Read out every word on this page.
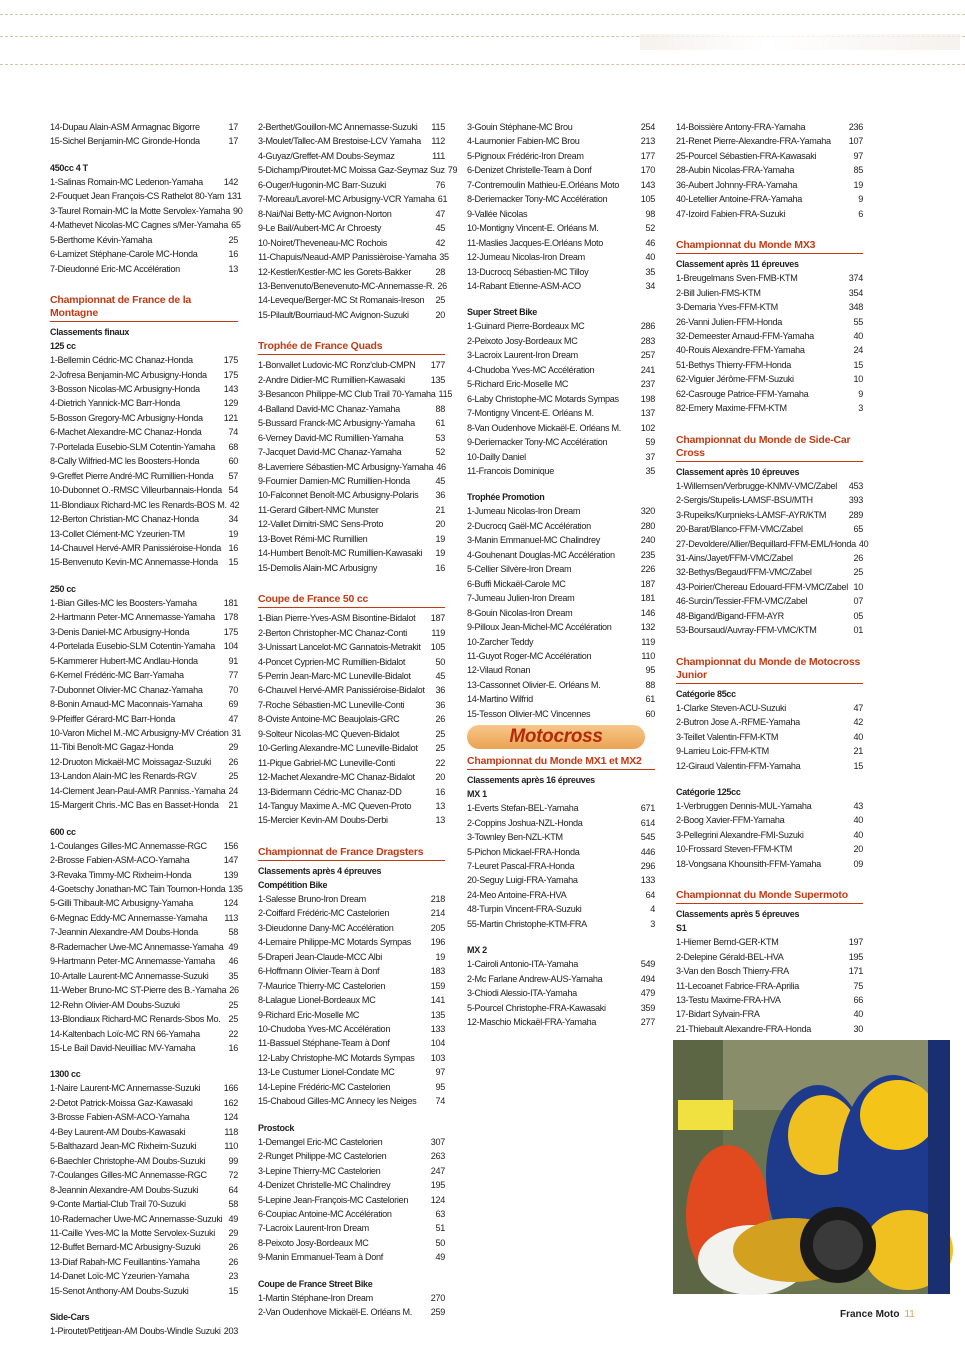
14-Dupau Alain-ASM Armagnac Bigorre	17
15-Sichel Benjamin-MC Gironde-Honda	17
450cc 4 T
1-Salinas Romain-MC Ledenon-Yamaha	142
2-Fouquet Jean François-CS Rathelot 80-Yam 131
3-Taurel Romain-MC la Motte Servolex-Yamaha 90
4-Mathevet Nicolas-MC Cagnes s/Mer-Yamaha 65
5-Berthome Kévin-Yamaha	25
6-Lamizet Stéphane-Carole MC-Honda	16
7-Dieudonné Eric-MC Accélération	13
Championnat de France de la Montagne
Classements finaux
125 cc
1-Bellemin Cédric-MC Chanaz-Honda	175
2-Jofresa Benjamin-MC Arbusigny-Honda	175
3-Bosson Nicolas-MC Arbusigny-Honda	143
4-Dietrich Yannick-MC Barr-Honda	129
5-Bosson Gregory-MC Arbusigny-Honda	121
6-Machet Alexandre-MC Chanaz-Honda	74
7-Portelada Eusebio-SLM Cotentin-Yamaha	68
8-Cally Wilfried-MC les Boosters-Honda	60
9-Greffet Pierre André-MC Rumillien-Honda	57
10-Dubonnet O.-RMSC Villeurbannais-Honda 54
11-Blondiaux Richard-MC les Renards-BOS M. 42
12-Berton Christian-MC Chanaz-Honda	34
13-Collet Clément-MC Yzeurien-TM	19
14-Chauvel Hervé-AMR Panissiéroise-Honda 16
15-Benvenuto Kevin-MC Annemasse-Honda	15
250 cc
1-Bian Gilles-MC les Boosters-Yamaha	181
2-Hartmann Peter-MC Annemasse-Yamaha 178
3-Denis Daniel-MC Arbusigny-Honda	175
4-Portelada Eusebio-SLM Cotentin-Yamaha 104
5-Kammerer Hubert-MC Andlau-Honda	91
6-Kernel Frédéric-MC Barr-Yamaha	77
7-Dubonnet Olivier-MC Chanaz-Yamaha	70
8-Bonin Arnaud-MC Maconnais-Yamaha	69
9-Pfeiffer Gérard-MC Barr-Honda	47
10-Varon Michel M.-MC Arbusigny-MV Création 31
11-Tibi Benoît-MC Gagaz-Honda	29
12-Druoton Mickaël-MC Moissagaz-Suzuki	26
13-Landon Alain-MC les Renards-RGV	25
14-Clement Jean-Paul-AMR Panniss.-Yamaha 24
15-Margerit Chris.-MC Bas en Basset-Honda	21
600 cc
1-Coulanges Gilles-MC Annemasse-RGC	156
2-Brosse Fabien-ASM-ACO-Yamaha	147
3-Revaka Timmy-MC Rixheim-Honda	139
4-Goetschy Jonathan-MC Tain Tournon-Honda 135
5-Gilli Thibault-MC Arbusigny-Yamaha	124
6-Megnac Eddy-MC Annemasse-Yamaha	113
7-Jeannin Alexandre-AM Doubs-Honda	58
8-Rademacher Uwe-MC Annemasse-Yamaha 49
9-Hartmann Peter-MC Annemasse-Yamaha	46
10-Artalle Laurent-MC Annemasse-Suzuki	35
11-Weber Bruno-MC ST-Pierre des B.-Yamaha 26
12-Rehn Olivier-AM Doubs-Suzuki	25
13-Blondiaux Richard-MC Renards-Sbos Mo. 25
14-Kaltenbach Loïc-MC RN 66-Yamaha	22
15-Le Bail David-Neuilliac MV-Yamaha	16
1300 cc
1-Naire Laurent-MC Annemasse-Suzuki	166
2-Detot Patrick-Moissa Gaz-Kawasaki	162
3-Brosse Fabien-ASM-ACO-Yamaha	124
4-Bey Laurent-AM Doubs-Kawasaki	118
5-Balthazard Jean-MC Rixheim-Suzuki	110
6-Baechler Christophe-AM Doubs-Suzuki	99
7-Coulanges Gilles-MC Annemasse-RGC	72
8-Jeannin Alexandre-AM Doubs-Suzuki	64
9-Conte Martial-Club Trail 70-Suzuki	58
10-Rademacher Uwe-MC Annemasse-Suzuki 49
11-Caille Yves-MC la Motte Servolex-Suzuki	29
12-Buffet Bernard-MC Arbusigny-Suzuki	26
13-Diaf Rabah-MC Feuillantins-Yamaha	26
14-Danet Loïc-MC Yzeurien-Yamaha	23
15-Senot Anthony-AM Doubs-Suzuki	15
Side-Cars
1-Piroutet/Petitjean-AM Doubs-Windle Suzuki 203
2-Berthet/Gouillon-MC Annemasse-Suzuki	115
3-Moulet/Tallec-AM Brestoise-LCV Yamaha	112
4-Guyaz/Greffet-AM Doubs-Seymaz	111
5-Dichamp/Piroutet-MC Moissa Gaz-Seymaz Suz 79
6-Ouger/Hugonin-MC Barr-Suzuki	76
7-Moreau/Lavorel-MC Arbusigny-VCR Yamaha 61
8-Nai/Nai Betty-MC Avignon-Norton	47
9-Le Bail/Aubert-MC Ar Chroesty	45
10-Noiret/Theveneau-MC Rochois	42
11-Chapuis/Neaud-AMP Panissièroise-Yamaha 35
12-Kestler/Kestler-MC les Gorets-Bakker	28
13-Benvenuto/Benevenuto-MC-Annemasse-R. 26
14-Leveque/Berger-MC St Romanais-Ireson	25
15-Pilault/Bourriaud-MC Avignon-Suzuki	20
Trophée de France Quads
1-Bonvallet Ludovic-MC Ronz'club-CMPN	177
2-Andre Didier-MC Rumillien-Kawasaki	135
3-Besancon Philippe-MC Club Trail 70-Yamaha 115
4-Balland David-MC Chanaz-Yamaha	88
5-Bussard Franck-MC Arbusigny-Yamaha	61
6-Verney David-MC Rumillien-Yamaha	53
7-Jacquet David-MC Chanaz-Yamaha	52
8-Laverriere Sébastien-MC Arbusigny-Yamaha 46
9-Fournier Damien-MC Rumillien-Honda	45
10-Falconnet Benoît-MC Arbusigny-Polaris	36
11-Gerard Gilbert-NMC Munster	21
12-Vallet Dimitri-SMC Sens-Proto	20
13-Bovet Rémi-MC Rumillien	19
14-Humbert Benoît-MC Rumillien-Kawasaki	19
15-Demolis Alain-MC Arbusigny	16
Coupe de France 50 cc
1-Bian Pierre-Yves-ASM Bisontine-Bidalot	187
2-Berton Christopher-MC Chanaz-Conti	119
3-Unissart Lancelot-MC Gannatois-Metrakit	105
4-Poncet Cyprien-MC Rumillien-Bidalot	50
5-Perrin Jean-Marc-MC Luneville-Bidalot	45
6-Chauvel Hervé-AMR Panissiéroise-Bidalot	36
7-Roche Sébastien-MC Luneville-Conti	36
8-Oviste Antoine-MC Beaujolais-GRC	26
9-Solteur Nicolas-MC Queven-Bidalot	25
10-Gerling Alexandre-MC Luneville-Bidalot	25
11-Pique Gabriel-MC Luneville-Conti	22
12-Machet Alexandre-MC Chanaz-Bidalot	20
13-Bidermann Cédric-MC Chanaz-DD	16
14-Tanguy Maxime A.-MC Queven-Proto	13
15-Mercier Kevin-AM Doubs-Derbi	13
Championnat de France Dragsters
Classements après 4 épreuves
Compétition Bike
1-Salesse Bruno-Iron Dream	218
2-Coiffard Frédéric-MC Castelorien	214
3-Dieudonne Dany-MC Accélération	205
4-Lemaire Philippe-MC Motards Sympas	196
5-Draperi Jean-Claude-MCC Albi	19
6-Hoffmann Olivier-Team à Donf	183
7-Maurice Thierry-MC Castelorien	159
8-Lalague Lionel-Bordeaux MC	141
9-Richard Eric-Moselle MC	135
10-Chudoba Yves-MC Accélération	133
11-Bassuel Stéphane-Team à Donf	104
12-Laby Christophe-MC Motards Sympas	103
13-Le Custumer Lionel-Condate MC	97
14-Lepine Frédéric-MC Castelorien	95
15-Chaboud Gilles-MC Annecy les Neiges	74
Prostock
1-Demangel Eric-MC Castelorien	307
2-Runget Philippe-MC Castelorien	263
3-Lepine Thierry-MC Castelorien	247
4-Denizet Christelle-MC Chalindrey	195
5-Lepine Jean-François-MC Castelorien	124
6-Coupiac Antoine-MC Accélération	63
7-Lacroix Laurent-Iron Dream	51
8-Peixoto Josy-Bordeaux MC	50
9-Manin Emmanuel-Team à Donf	49
Coupe de France Street Bike
1-Martin Stéphane-Iron Dream	270
2-Van Oudenhove Mickaël-E. Orléans M.	259
3-Gouin Stéphane-MC Brou	254
4-Laumonier Fabien-MC Brou	213
5-Pignoux Frédéric-Iron Dream	177
6-Denizet Christelle-Team à Donf	170
7-Contremoulin Mathieu-E.Orléans Moto	143
8-Deriemacker Tony-MC Accélération	105
9-Vallée Nicolas	98
10-Montigny Vincent-E. Orléans M.	52
11-Maslies Jacques-E.Orléans Moto	46
12-Jumeau Nicolas-Iron Dream	40
13-Ducrocq Sébastien-MC Tilloy	35
14-Rabant Etienne-ASM-ACO	34
Super Street Bike
1-Guinard Pierre-Bordeaux MC	286
2-Peixoto Josy-Bordeaux MC	283
3-Lacroix Laurent-Iron Dream	257
4-Chudoba Yves-MC Accélération	241
5-Richard Eric-Moselle MC	237
6-Laby Christophe-MC Motards Sympas	198
7-Montigny Vincent-E. Orléans M.	137
8-Van Oudenhove Mickaël-E. Orléans M.	102
9-Deriemacker Tony-MC Accélération	59
10-Dailly Daniel	37
11-Francois Dominique	35
Trophée Promotion
1-Jumeau Nicolas-Iron Dream	320
2-Ducrocq Gaël-MC Accélération	280
3-Manin Emmanuel-MC Chalindrey	240
4-Gouhenant Douglas-MC Accélération	235
5-Cellier Silvère-Iron Dream	226
6-Buffi Mickaël-Carole MC	187
7-Jumeau Julien-Iron Dream	181
8-Gouin Nicolas-Iron Dream	146
9-Pilloux Jean-Michel-MC Accélération	132
10-Zarcher Teddy	119
11-Guyot Roger-MC Accélération	110
12-Vilaud Ronan	95
13-Cassonnet Olivier-E. Orléans M.	88
14-Martino Wilfrid	61
15-Tesson Olivier-MC Vincennes	60
Motocross
Championnat du Monde MX1 et MX2
Classements après 16 épreuves
MX 1
1-Everts Stefan-BEL-Yamaha	671
2-Coppins Joshua-NZL-Honda	614
3-Townley Ben-NZL-KTM	545
5-Pichon Mickael-FRA-Honda	446
7-Leuret Pascal-FRA-Honda	296
20-Seguy Luigi-FRA-Yamaha	133
24-Meo Antoine-FRA-HVA	64
48-Turpin Vincent-FRA-Suzuki	4
55-Martin Christophe-KTM-FRA	3
MX 2
1-Cairoli Antonio-ITA-Yamaha	549
2-Mc Farlane Andrew-AUS-Yamaha	494
3-Chiodi Alessio-ITA-Yamaha	479
5-Pourcel Christophe-FRA-Kawasaki	359
12-Maschio Mickaël-FRA-Yamaha	277
14-Boissière Antony-FRA-Yamaha	236
21-Renet Pierre-Alexandre-FRA-Yamaha	107
25-Pourcel Sébastien-FRA-Kawasaki	97
28-Aubin Nicolas-FRA-Yamaha	85
36-Aubert Johnny-FRA-Yamaha	19
40-Letellier Antoine-FRA-Yamaha	9
47-Izoird Fabien-FRA-Suzuki	6
Championnat du Monde MX3
Classement après 11 épreuves
1-Breugelmans Sven-FMB-KTM	374
2-Bill Julien-FMS-KTM	354
3-Demaria Yves-FFM-KTM	348
26-Vanni Julien-FFM-Honda	55
32-Demeester Arnaud-FFM-Yamaha	40
40-Rouis Alexandre-FFM-Yamaha	24
51-Bethys Thierry-FFM-Honda	15
62-Viguier Jérôme-FFM-Suzuki	10
62-Casrouge Patrice-FFM-Yamaha	9
82-Emery Maxime-FFM-KTM	3
Championnat du Monde de Side-Car Cross
Classement après 10 épreuves
1-Willemsen/Verbrugge-KNMV-VMC/Zabel	453
2-Sergis/Stupelis-LAMSF-BSU/MTH	393
3-Rupeiks/Kurpnieks-LAMSF-AYR/KTM	289
20-Barat/Blanco-FFM-VMC/Zabel	65
27-Devoldere/Allier/Bequillard-FFM-EML/Honda 40
31-Ains/Jayet/FFM-VMC/Zabel	26
32-Bethys/Begaud/FFM-VMC/Zabel	25
43-Poirier/Chereau Edouard-FFM-VMC/Zabel 10
46-Surcin/Tessier-FFM-VMC/Zabel	07
48-Bigand/Bigand-FFM-AYR	05
53-Boursaud/Auvray-FFM-VMC/KTM	01
Championnat du Monde de Motocross Junior
Catégorie 85cc
1-Clarke Steven-ACU-Suzuki	47
2-Butron Jose A.-RFME-Yamaha	42
3-Teillet Valentin-FFM-KTM	40
9-Larrieu Loic-FFM-KTM	21
12-Giraud Valentin-FFM-Yamaha	15
Catégorie 125cc
1-Verbruggen Dennis-MUL-Yamaha	43
2-Boog Xavier-FFM-Yamaha	40
3-Pellegrini Alexandre-FMI-Suzuki	40
10-Frossard Steven-FFM-KTM	20
18-Vongsana Khounsith-FFM-Yamaha	09
Championnat du Monde Supermoto
Classements après 5 épreuves
S1
1-Hiemer Bernd-GER-KTM	197
2-Delepine Gérald-BEL-HVA	195
3-Van den Bosch Thierry-FRA	171
11-Lecoanet Fabrice-FRA-Aprilia	75
13-Testu Maxime-FRA-HVA	66
17-Bidart Sylvain-FRA	40
21-Thiebault Alexandre-FRA-Honda	30
France Moto 11
